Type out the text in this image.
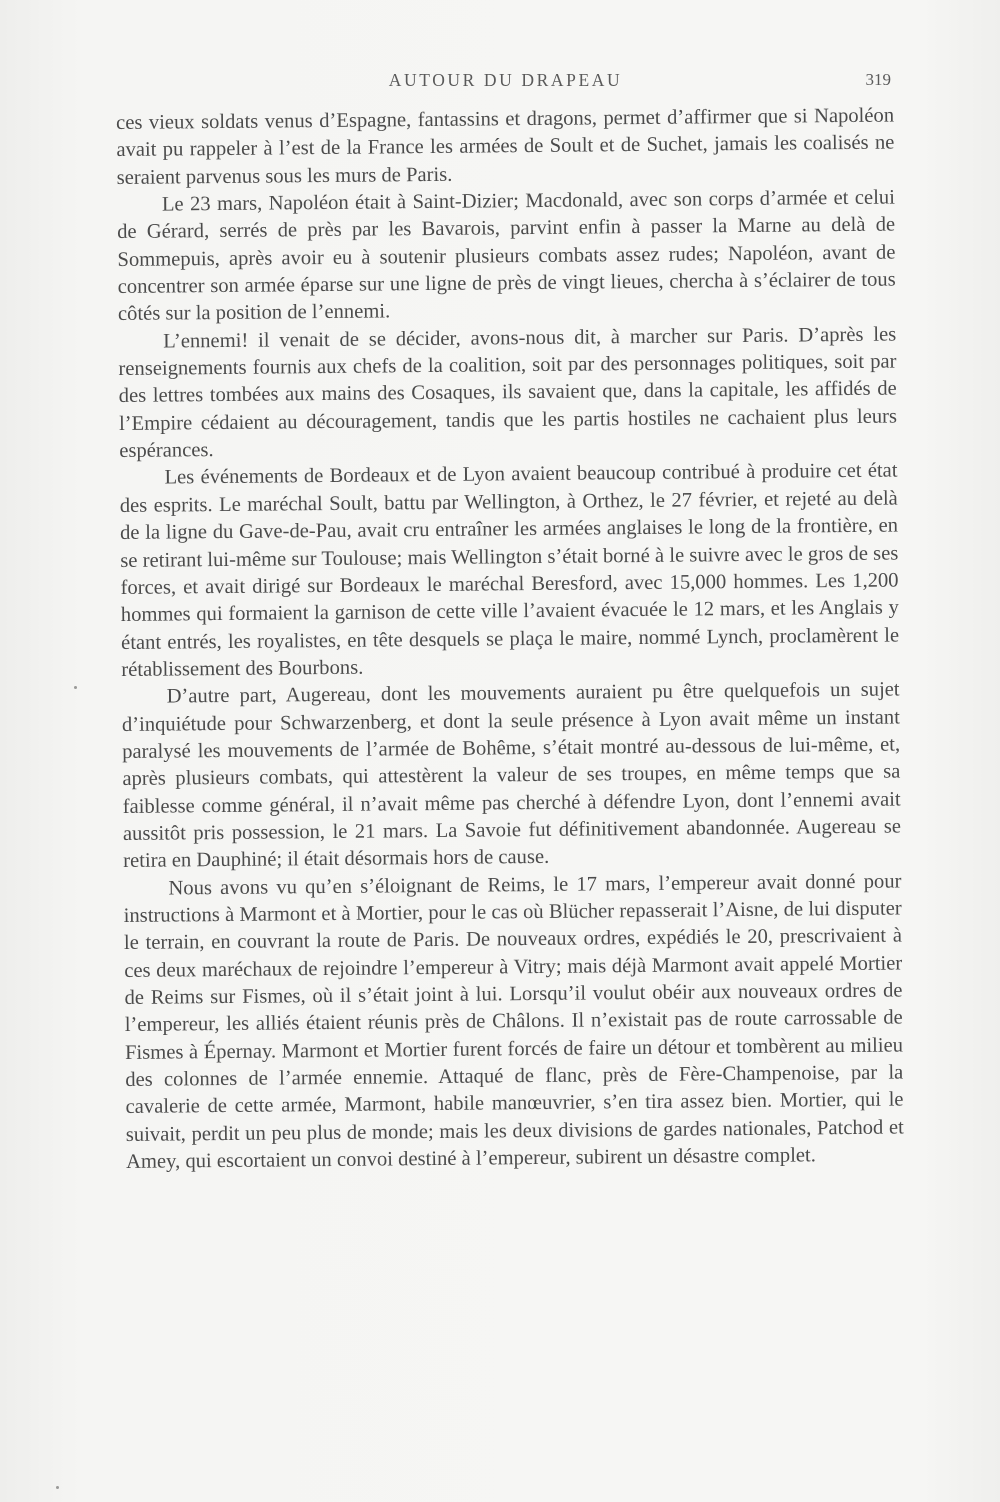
AUTOUR DU DRAPEAU	319

ces vieux soldats venus d’Espagne, fantassins et dragons, permet d’affirmer que si Napoléon avait pu rappeler à l’est de la France les armées de Soult et de Suchet, jamais les coalisés ne seraient parvenus sous les murs de Paris.

Le 23 mars, Napoléon était à Saint-Dizier; Macdonald, avec son corps d’armée et celui de Gérard, serrés de près par les Bavarois, parvint enfin à passer la Marne au delà de Sommepuis, après avoir eu à soutenir plusieurs combats assez rudes; Napoléon, avant de concentrer son armée éparse sur une ligne de près de vingt lieues, chercha à s’éclairer de tous côtés sur la position de l’ennemi.

L’ennemi! il venait de se décider, avons-nous dit, à marcher sur Paris. D’après les renseignements fournis aux chefs de la coalition, soit par des personnages politiques, soit par des lettres tombées aux mains des Cosaques, ils savaient que, dans la capitale, les affidés de l’Empire cédaient au découragement, tandis que les partis hostiles ne cachaient plus leurs espérances.

Les événements de Bordeaux et de Lyon avaient beaucoup contribué à produire cet état des esprits. Le maréchal Soult, battu par Wellington, à Orthez, le 27 février, et rejeté au delà de la ligne du Gave-de-Pau, avait cru entraîner les armées anglaises le long de la frontière, en se retirant lui-même sur Toulouse; mais Wellington s’était borné à le suivre avec le gros de ses forces, et avait dirigé sur Bordeaux le maréchal Beresford, avec 15,000 hommes. Les 1,200 hommes qui formaient la garnison de cette ville l’avaient évacuée le 12 mars, et les Anglais y étant entrés, les royalistes, en tête desquels se plaça le maire, nommé Lynch, proclamèrent le rétablissement des Bourbons.

D’autre part, Augereau, dont les mouvements auraient pu être quelquefois un sujet d’inquiétude pour Schwarzenberg, et dont la seule présence à Lyon avait même un instant paralysé les mouvements de l’armée de Bohême, s’était montré au-dessous de lui-même, et, après plusieurs combats, qui attestèrent la valeur de ses troupes, en même temps que sa faiblesse comme général, il n’avait même pas cherché à défendre Lyon, dont l’ennemi avait aussitôt pris possession, le 21 mars. La Savoie fut définitivement abandonnée. Augereau se retira en Dauphiné; il était désormais hors de cause.

Nous avons vu qu’en s’éloignant de Reims, le 17 mars, l’empereur avait donné pour instructions à Marmont et à Mortier, pour le cas où Blücher repasserait l’Aisne, de lui disputer le terrain, en couvrant la route de Paris. De nouveaux ordres, expédiés le 20, prescrivaient à ces deux maréchaux de rejoindre l’empereur à Vitry; mais déjà Marmont avait appelé Mortier de Reims sur Fismes, où il s’était joint à lui. Lorsqu’il voulut obéir aux nouveaux ordres de l’empereur, les alliés étaient réunis près de Châlons. Il n’existait pas de route carrossable de Fismes à Épernay. Marmont et Mortier furent forcés de faire un détour et tombèrent au milieu des colonnes de l’armée ennemie. Attaqué de flanc, près de Fère-Champenoise, par la cavalerie de cette armée, Marmont, habile manœuvrier, s’en tira assez bien. Mortier, qui le suivait, perdit un peu plus de monde; mais les deux divisions de gardes nationales, Patchod et Amey, qui escortaient un convoi destiné à l’empereur, subirent un désastre complet.
